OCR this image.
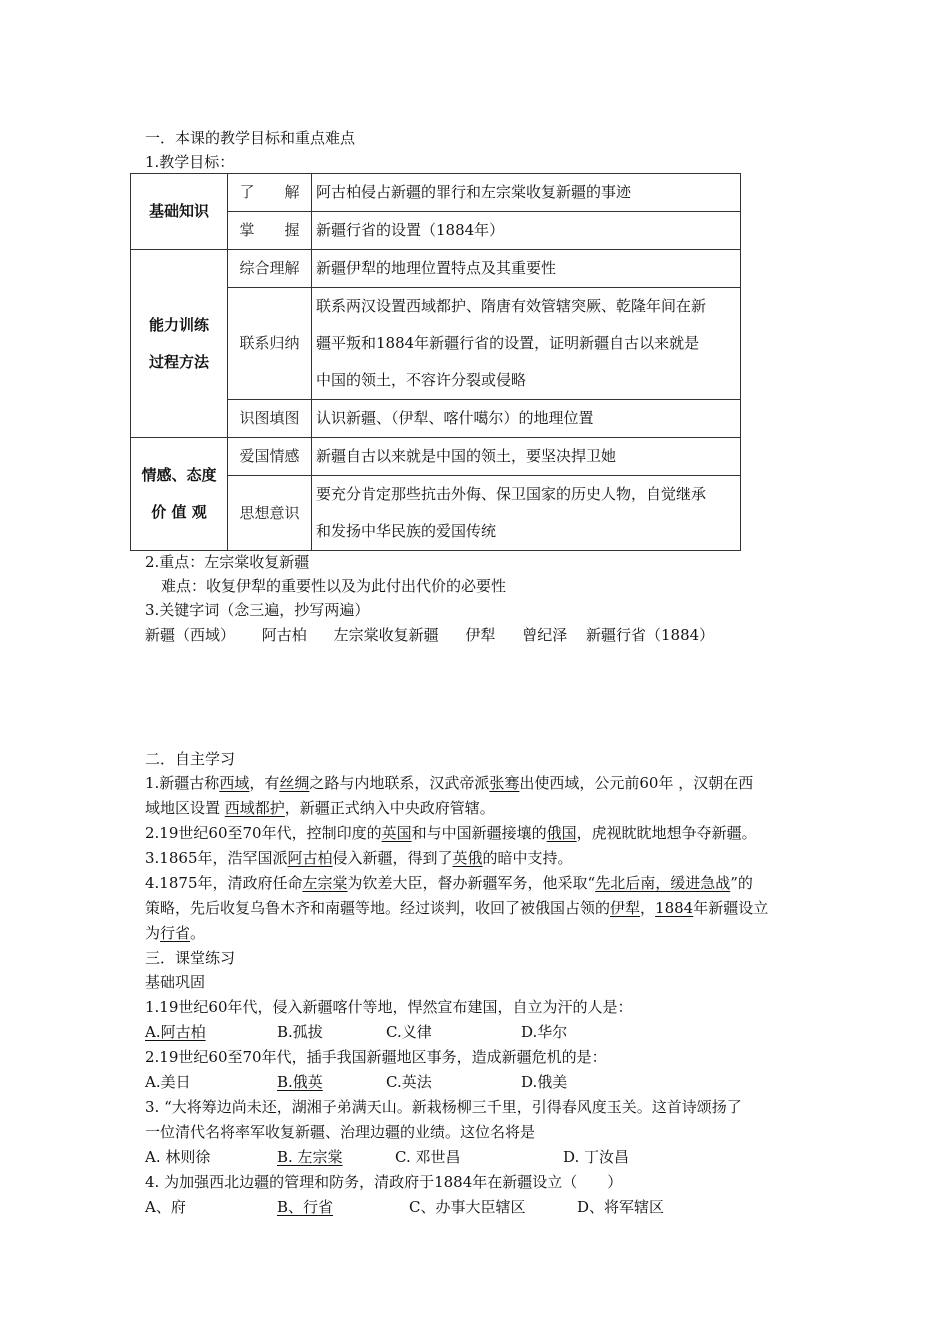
一．本课的教学目标和重点难点
1.教学目标：
基础知识	了　　解	阿古柏侵占新疆的罪行和左宗棠收复新疆的事迹
	掌　　握	新疆行省的设置（1884年）

能力训练
过程方法	综合理解	新疆伊犁的地理位置特点及其重要性
	联系归纳	联系两汉设置西域都护、隋唐有效管辖突厥、乾隆年间在新
疆平叛和1884年新疆行省的设置，证明新疆自古以来就是
中国的领土，不容许分裂或侵略

	识图填图	认识新疆、（伊犁、喀什噶尔）的地理位置

情感、态度
价 值 观	爱国情感	新疆自古以来就是中国的领土，要坚决捍卫她
	思想意识	要充分肯定那些抗击外侮、保卫国家的历史人物，自觉继承
和发扬中华民族的爱国传统
2.重点：左宗棠收复新疆
难点：收复伊犁的重要性以及为此付出代价的必要性
3.关键字词（念三遍，抄写两遍）
新疆（西域） 阿古柏 左宗棠收复新疆 伊犁 曾纪泽 新疆行省（1884）
二．自主学习
1.新疆古称西域，有丝绸之路与内地联系，汉武帝派张骞出使西域，公元前60年 ，汉朝在西
域地区设置 西域都护，新疆正式纳入中央政府管辖。
2.19世纪60至70年代，控制印度的英国和与中国新疆接壤的俄国，虎视眈眈地想争夺新疆。
3.1865年，浩罕国派阿古柏侵入新疆，得到了英俄的暗中支持。
4.1875年，清政府任命左宗棠为钦差大臣，督办新疆军务，他采取“先北后南，缓进急战”的
策略，先后收复乌鲁木齐和南疆等地。经过谈判，收回了被俄国占领的伊犁，1884年新疆设立
为行省。
三．课堂练习
基础巩固
1.19世纪60年代，侵入新疆喀什等地，悍然宣布建国，自立为汗的人是：
A.阿古柏	B.孤拔	C.义律	D.华尔
2.19世纪60至70年代，插手我国新疆地区事务，造成新疆危机的是：
A.美日	B.俄英	C.英法	D.俄美
3. “大将筹边尚未还，湖湘子弟满天山。新栽杨柳三千里，引得春风度玉关。这首诗颂扬了
一位清代名将率军收复新疆、治理边疆的业绩。这位名将是
A. 林则徐	B. 左宗棠	C. 邓世昌	D. 丁汝昌
4. 为加强西北边疆的管理和防务，清政府于1884年在新疆设立（　　）
A、府	B、行省	C、办事大臣辖区	D、将军辖区
